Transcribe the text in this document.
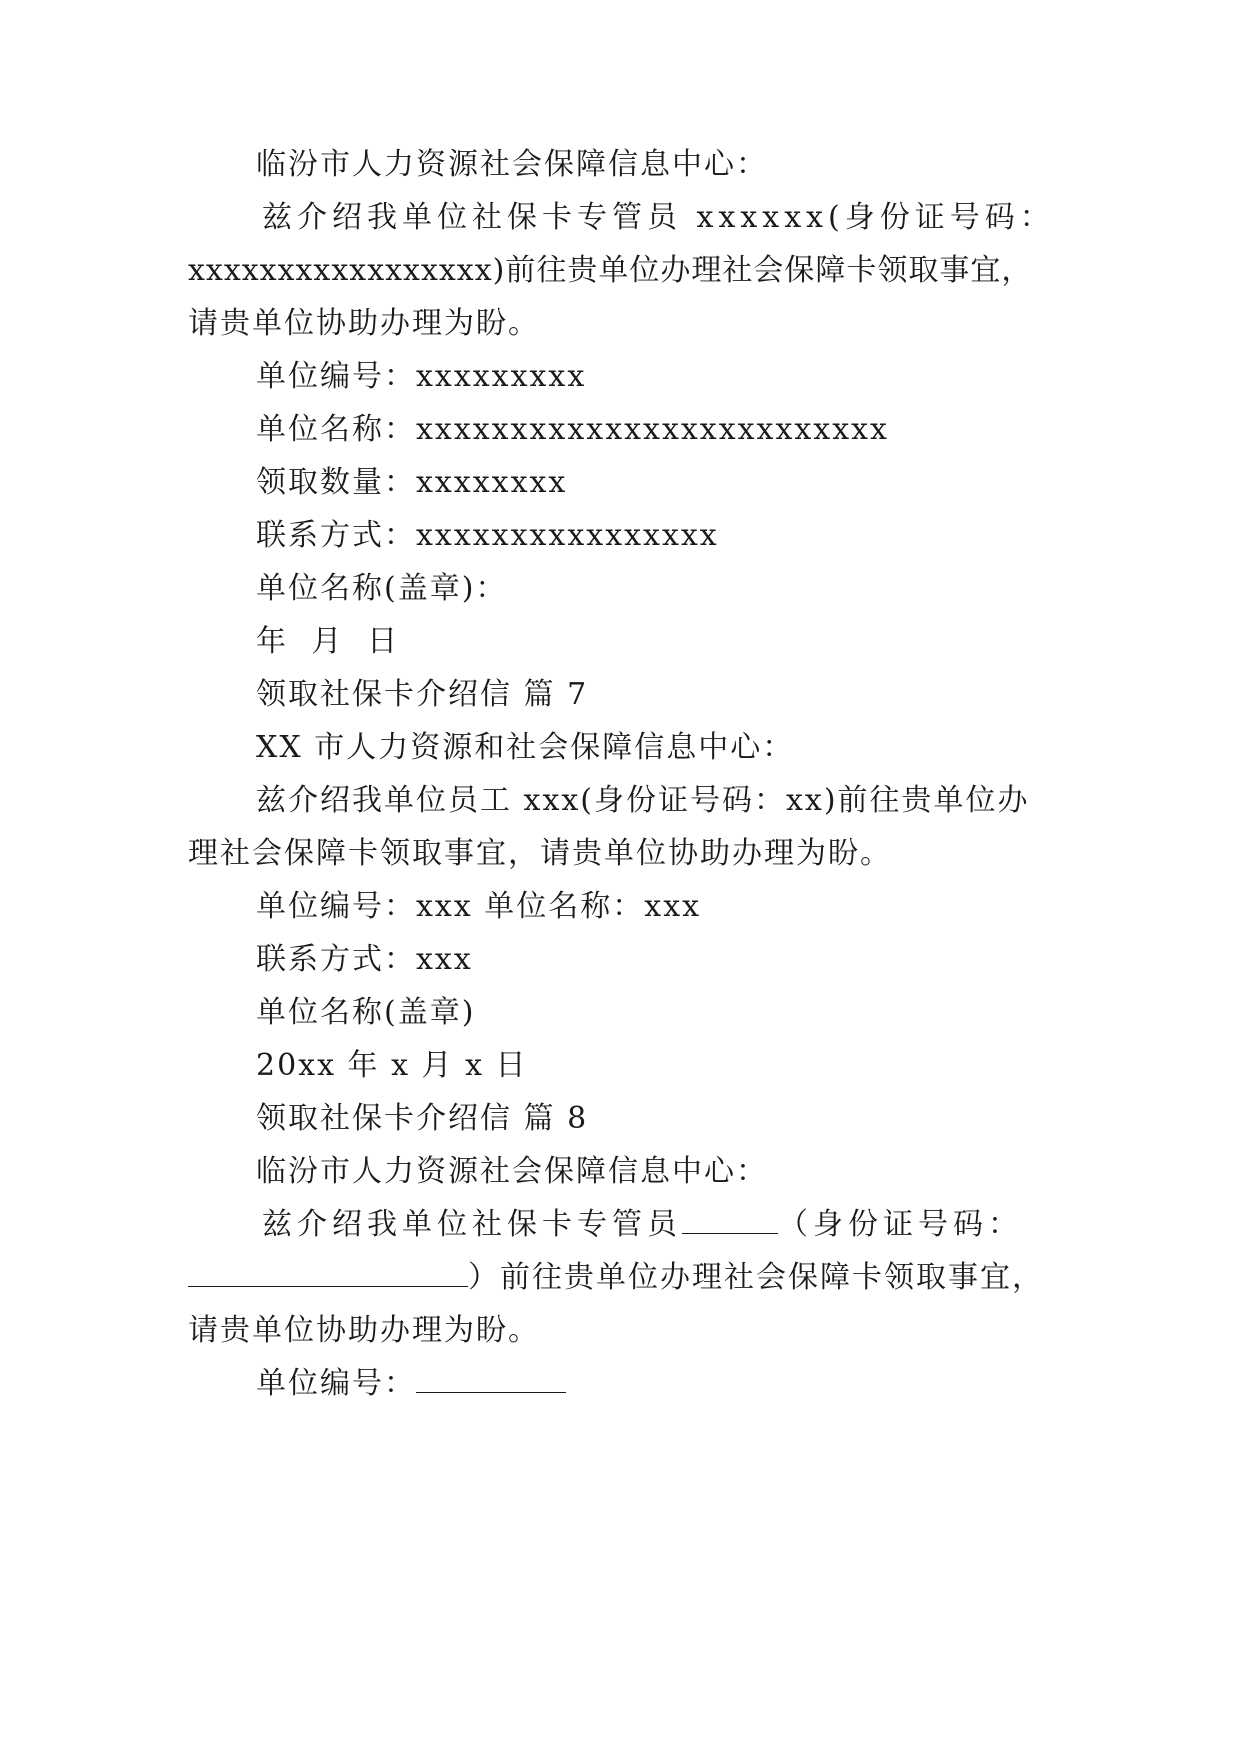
临汾市人力资源社会保障信息中心：
兹介绍我单位社保卡专管员 xxxxxx(身份证号码：
xxxxxxxxxxxxxxxxx)前往贵单位办理社会保障卡领取事宜，
请贵单位协助办理为盼。
单位编号：xxxxxxxxx
单位名称：xxxxxxxxxxxxxxxxxxxxxxxxx
领取数量：xxxxxxxx
联系方式：xxxxxxxxxxxxxxxx
单位名称(盖章)：
年 月 日
领取社保卡介绍信 篇 7
XX 市人力资源和社会保障信息中心：
兹介绍我单位员工 xxx(身份证号码：xx)前往贵单位办
理社会保障卡领取事宜，请贵单位协助办理为盼。
单位编号：xxx 单位名称：xxx
联系方式：xxx
单位名称(盖章)
20xx 年 x 月 x 日
领取社保卡介绍信 篇 8
临汾市人力资源社会保障信息中心：
兹介绍我单位社保卡专管员	（身份证号码：
）前往贵单位办理社会保障卡领取事宜，
请贵单位协助办理为盼。
单位编号：
